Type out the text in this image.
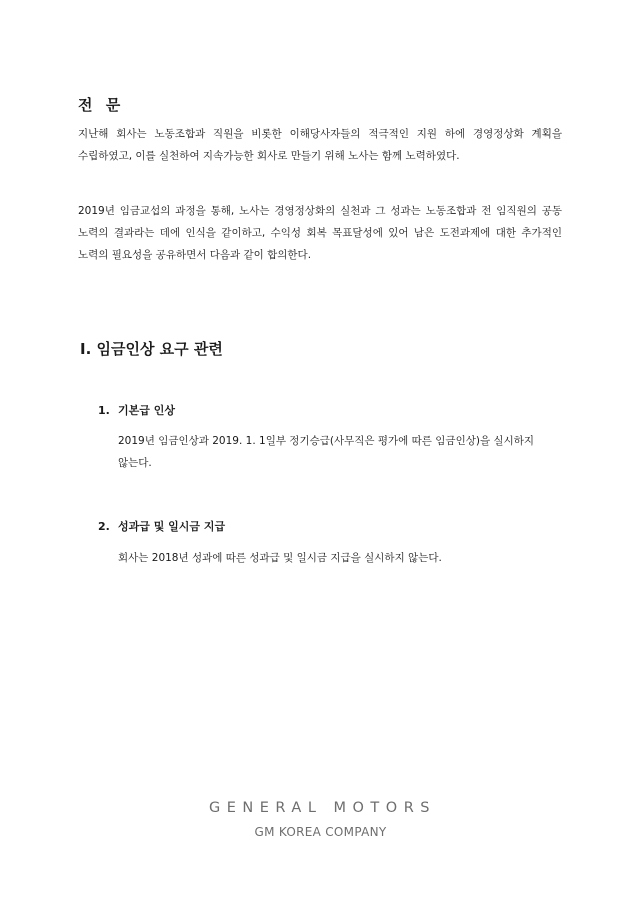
전 문

지난해 회사는 노동조합과 직원을 비롯한 이해당사자들의 적극적인 지원 하에 경영정상화 계획을 수립하였고, 이를 실천하여 지속가능한 회사로 만들기 위해 노사는 함께 노력하였다.

2019년 임금교섭의 과정을 통해, 노사는 경영정상화의 실천과 그 성과는 노동조합과 전 임직원의 공동 노력의 결과라는 데에 인식을 같이하고, 수익성 회복 목표달성에 있어 남은 도전과제에 대한 추가적인 노력의 필요성을 공유하면서 다음과 같이 합의한다.

Ⅰ. 임금인상 요구 관련
1. 기본급 인상

2019년 임금인상과 2019. 1. 1일부 정기승급(사무직은 평가에 따른 임금인상)을 실시하지 않는다.

2. 성과급 및 일시금 지급

회사는 2018년 성과에 따른 성과급 및 일시금 지급을 실시하지 않는다.

GENERAL MOTORS
GM KOREA COMPANY
